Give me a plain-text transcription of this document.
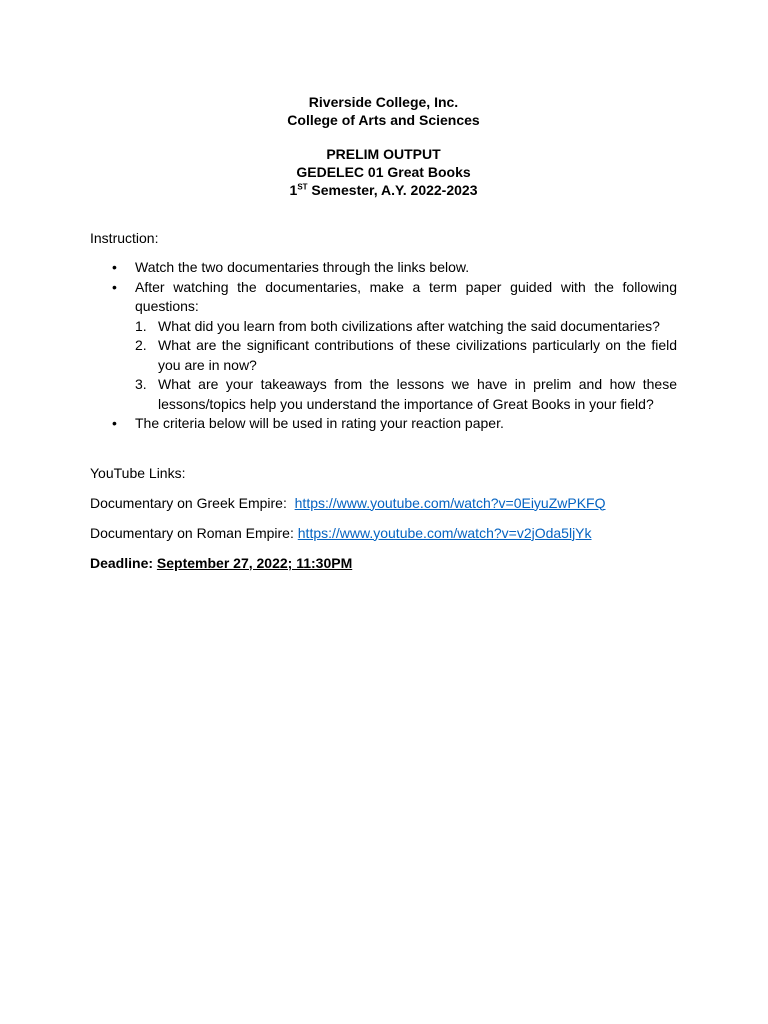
Riverside College, Inc.
College of Arts and Sciences
PRELIM OUTPUT
GEDELEC 01 Great Books
1ST Semester, A.Y. 2022-2023
Instruction:
• Watch the two documentaries through the links below.
• After watching the documentaries, make a term paper guided with the following questions:
1. What did you learn from both civilizations after watching the said documentaries?
2. What are the significant contributions of these civilizations particularly on the field you are in now?
3. What are your takeaways from the lessons we have in prelim and how these lessons/topics help you understand the importance of Great Books in your field?
• The criteria below will be used in rating your reaction paper.
YouTube Links:
Documentary on Greek Empire:  https://www.youtube.com/watch?v=0EiyuZwPKFQ
Documentary on Roman Empire: https://www.youtube.com/watch?v=v2jOda5ljYk
Deadline: September 27, 2022; 11:30PM
